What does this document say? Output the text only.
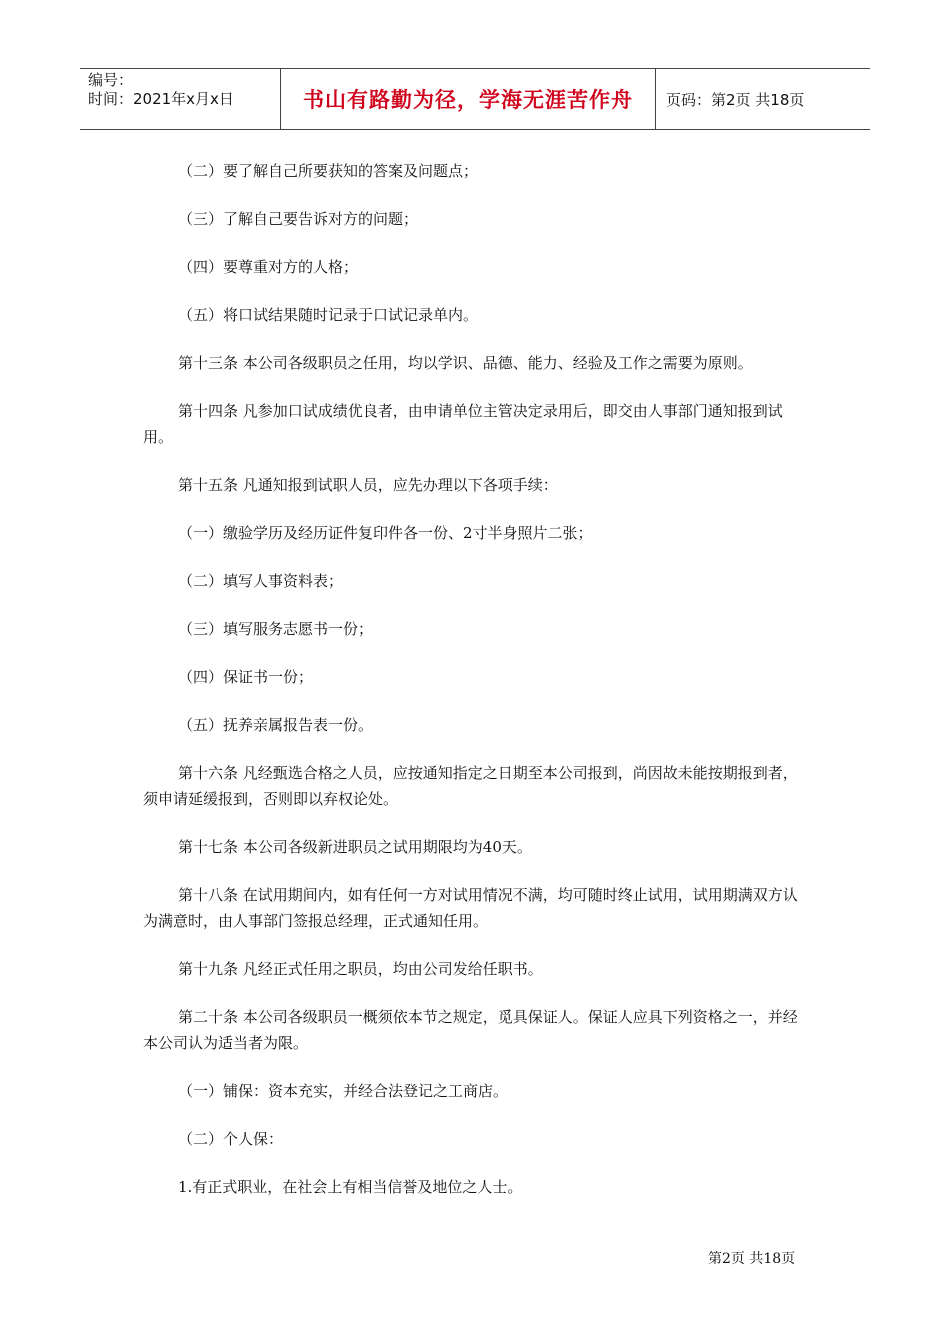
编号：
时间：2021年x月x日	书山有路勤为径，学海无涯苦作舟	页码：第2页 共18页

（二）要了解自己所要获知的答案及问题点；

（三）了解自己要告诉对方的问题；

（四）要尊重对方的人格；

（五）将口试结果随时记录于口试记录单内。

第十三条 本公司各级职员之任用，均以学识、品德、能力、经验及工作之需要为原则。

第十四条 凡参加口试成绩优良者，由申请单位主管决定录用后，即交由人事部门通知报到试用。

第十五条 凡通知报到试职人员，应先办理以下各项手续：

（一）缴验学历及经历证件复印件各一份、2寸半身照片二张；

（二）填写人事资料表；

（三）填写服务志愿书一份；

（四）保证书一份；

（五）抚养亲属报告表一份。

第十六条 凡经甄选合格之人员，应按通知指定之日期至本公司报到，尚因故未能按期报到者，须申请延缓报到，否则即以弃权论处。

第十七条 本公司各级新进职员之试用期限均为40天。

第十八条 在试用期间内，如有任何一方对试用情况不满，均可随时终止试用，试用期满双方认为满意时，由人事部门签报总经理，正式通知任用。

第十九条 凡经正式任用之职员，均由公司发给任职书。

第二十条 本公司各级职员一概须依本节之规定，觅具保证人。保证人应具下列资格之一，并经本公司认为适当者为限。

（一）铺保：资本充实，并经合法登记之工商店。

（二）个人保：

1.有正式职业，在社会上有相当信誉及地位之人士。

第2页 共18页
